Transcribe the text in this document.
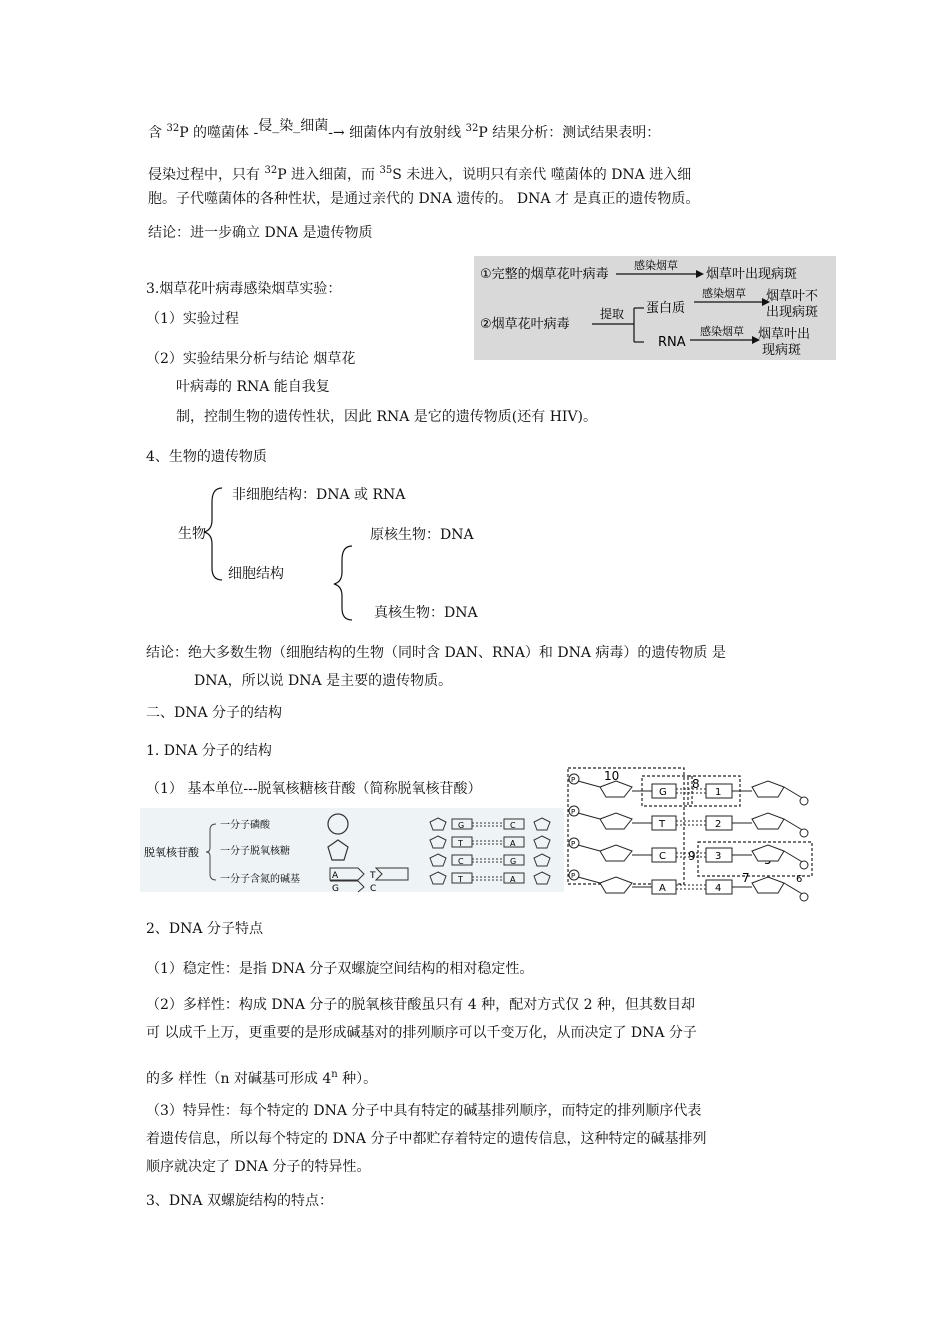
含 $^{32}$P 的噬菌体 -侵_染_细菌-→ 细菌体内有放射线 $^{32}$P 结果分析：测试结果表明：
侵染过程中，只有 $^{32}$P 进入细菌，而 $^{35}$S 未进入，说明只有亲代 噬菌体的 DNA 进入细
胞。子代噬菌体的各种性状，是通过亲代的 DNA 遗传的。 DNA 才 是真正的遗传物质。
结论：进一步确立 DNA 是遗传物质
3.烟草花叶病毒感染烟草实验：
（1）实验过程
（2）实验结果分析与结论 烟草花
叶病毒的 RNA 能自我复
制，控制生物的遗传性状，因此 RNA 是它的遗传物质(还有 HIV)。
①完整的烟草花叶病毒
感染烟草
烟草叶出现病斑
②烟草花叶病毒
提取 蛋白质
RNA
感染烟草 烟草叶不
出现病斑
感染烟草 烟草叶出
现病斑
4、生物的遗传物质
非细胞结构：DNA 或 RNA
生物	原核生物：DNA
细胞结构
真核生物：DNA
结论：绝大多数生物（细胞结构的生物（同时含 DAN、RNA）和 DNA 病毒）的遗传物质 是
DNA，所以说 DNA 是主要的遗传物质。
二、DNA 分子的结构
1. DNA 分子的结构
（1） 基本单位---脱氧核糖核苷酸（简称脱氧核苷酸）
脱氧核苷酸
一分子磷酸
一分子脱氧核糖
一分子含氮的碱基	A
G
T
C
G	C
T	A
C	G
T	A
10
8
9
7	6
P
G	1
P
T	2
P
C	3
P
A	4
2、DNA 分子特点
（1）稳定性：是指 DNA 分子双螺旋空间结构的相对稳定性。
（2）多样性：构成 DNA 分子的脱氧核苷酸虽只有 4 种，配对方式仅 2 种，但其数目却
可 以成千上万，更重要的是形成碱基对的排列顺序可以千变万化，从而决定了 DNA 分子
的多 样性（n 对碱基可形成 4$^n$ 种）。
（3）特异性：每个特定的 DNA 分子中具有特定的碱基排列顺序，而特定的排列顺序代表
着遗传信息，所以每个特定的 DNA 分子中都贮存着特定的遗传信息，这种特定的碱基排列
顺序就决定了 DNA 分子的特异性。
3、DNA 双螺旋结构的特点：
